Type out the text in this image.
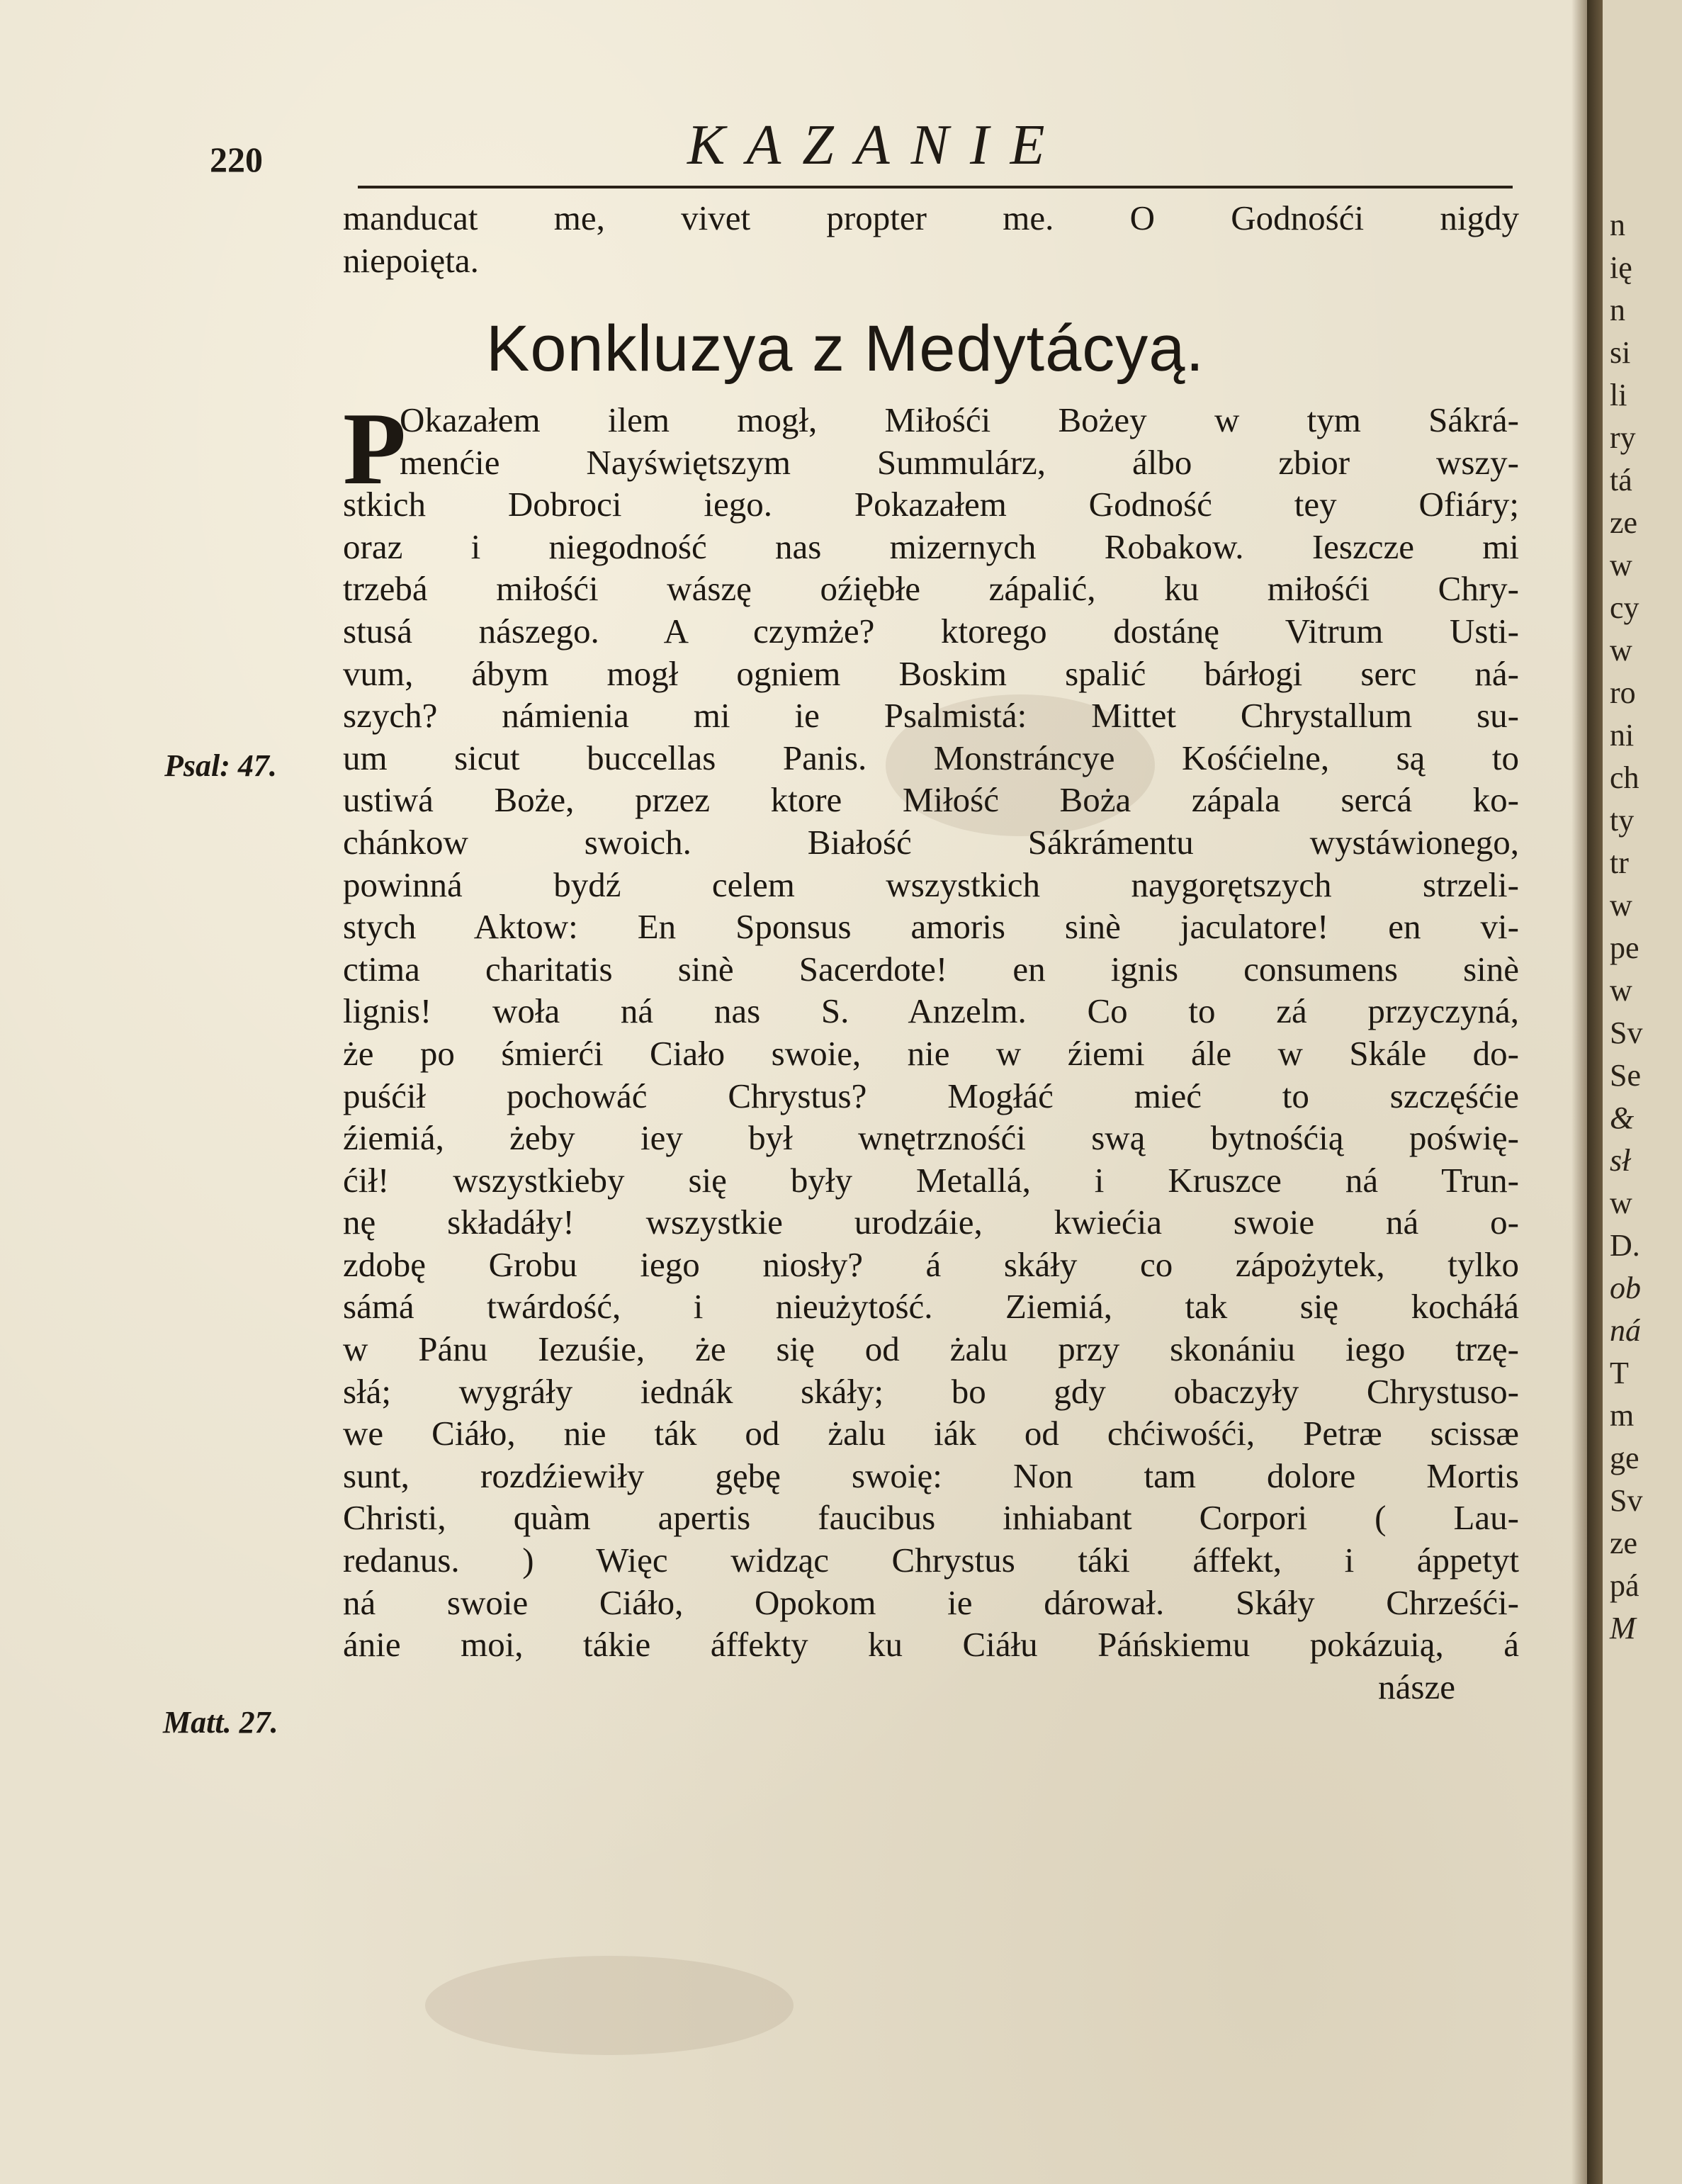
220	KAZANIE
manducat me, vivet propter me. O Godnośći nigdy
niepoięta.
Konkluzya z Medytácyą.
P
Okazałem ilem mogł, Miłośći Bożey w tym Sákrá-
menćie Nayświętszym Summulárz, álbo zbior wszy-
stkich Dobroci iego. Pokazałem Godność tey Ofiáry;
oraz i niegodność nas mizernych Robakow. Ieszcze mi
trzebá miłośći wászę oźiębłe zápalić, ku miłośći Chry-
stusá nászego. A czymże? ktorego dostánę Vitrum Usti-
vum, ábym mogł ogniem Boskim spalić bárłogi serc ná-
szych? námienia mi ie Psalmistá: Mittet Chrystallum su-
um sicut buccellas Panis. Monstráncye Kośćielne, są to
ustiwá Boże, przez ktore Miłość Boża zápala sercá ko-
chánkow swoich. Białość Sákrámentu wystáwionego,
powinná bydź celem wszystkich naygorętszych strzeli-
stych Aktow: En Sponsus amoris sinè jaculatore! en vi-
ctima charitatis sinè Sacerdote! en ignis consumens sinè
lignis! woła ná nas S. Anzelm. Co to zá przyczyná,
że po śmierći Ciało swoie, nie w źiemi ále w Skále do-
puśćił pochowáć Chrystus? Mogłáć mieć to szczęśćie
źiemiá, żeby iey był wnętrznośći swą bytnośćią poświę-
ćił! wszystkieby się były Metallá, i Kruszce ná Trun-
nę składáły! wszystkie urodzáie, kwiećia swoie ná o-
zdobę Grobu iego niosły? á skáły co zápożytek, tylko
sámá twárdość, i nieużytość. Ziemiá, tak się kocháłá
w Pánu Iezuśie, że się od żalu przy skonániu iego trzę-
słá; wygráły iednák skáły; bo gdy obaczyły Chrystuso-
we Ciáło, nie ták od żalu iák od chćiwośći, Petræ scissæ
sunt, rozdźiewiły gębę swoię: Non tam dolore Mortis
Christi, quàm apertis faucibus inhiabant Corpori ( Lau-
redanus. ) Więc widząc Chrystus táki áffekt, i áppetyt
ná swoie Ciáło, Opokom ie dárował. Skáły Chrześći-
ánie moi, tákie áffekty ku Ciáłu Páńskiemu pokázuią, á
násze
Psal: 47.
Matt. 27.
n
ię
n
si
li
ry
tá
ze
w
cy
w
ro
ni
ch
ty
tr
w
pe
w
Sv
Se
&
sł
w
D.
ob
ná
T
m
ge
Sv
ze
pá
M
